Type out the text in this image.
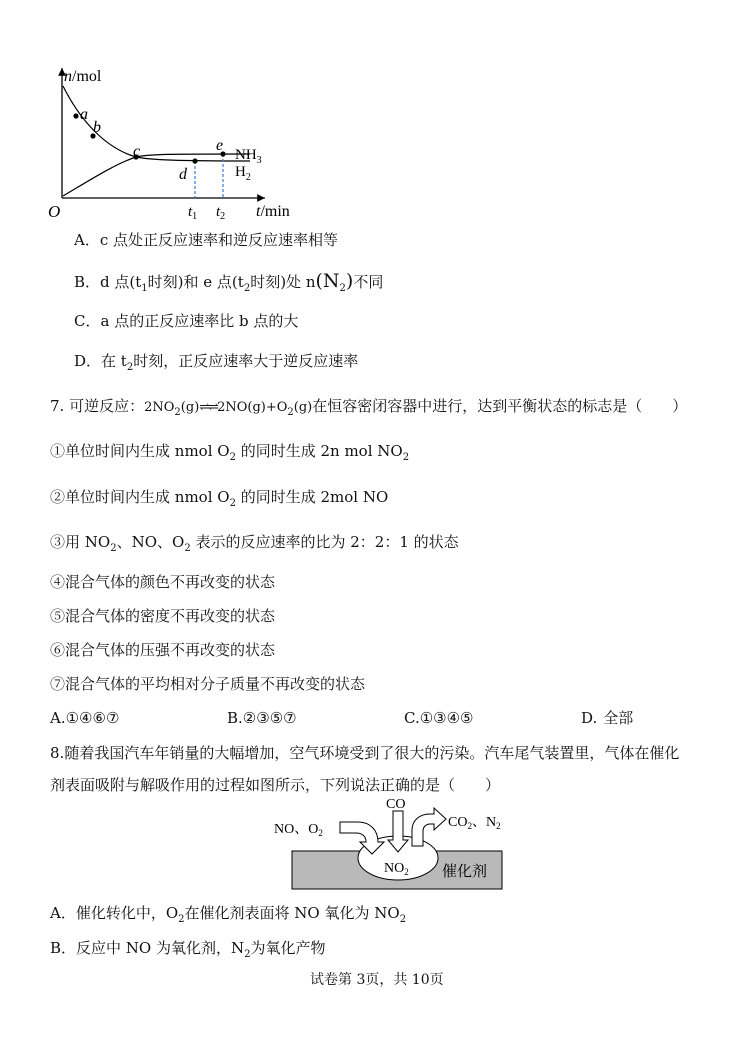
n/mol
a
b
c
d
e
$NH_3$
$H_2$
O	$t_1$ $t_2$ t/min
A．c 点处正反应速率和逆反应速率相等
B．d 点($t_1$时刻)和 e 点($t_2$时刻)处 $n(N_2)$不同
C．a 点的正反应速率比 b 点的大
D．在 $t_2$时刻，正反应速率大于逆反应速率
7. 可逆反应：$2NO_2(g)\rightleftharpoons\rightleftharpoons 2NO(g)+O_2(g)$在恒容密闭容器中进行，达到平衡状态的标志是（　　）
①单位时间内生成 nmol $O_2$ 的同时生成 2n mol $NO_2$
②单位时间内生成 nmol $O_2$ 的同时生成 2mol NO
③用 $NO_2$、NO、$O_2$ 表示的反应速率的比为 2：2：1 的状态
④混合气体的颜色不再改变的状态
⑤混合气体的密度不再改变的状态
⑥混合气体的压强不再改变的状态
⑦混合气体的平均相对分子质量不再改变的状态
A.①④⑥⑦	B.②③⑤⑦	C.①③④⑤	D. 全部
8.随着我国汽车年销量的大幅增加，空气环境受到了很大的污染。汽车尾气装置里，气体在催化
剂表面吸附与解吸作用的过程如图所示，下列说法正确的是（　　）
NO、$O_2$
CO
$CO_2$、$N_2$
$NO_2$ 催化剂
A．催化转化中，$O_2$在催化剂表面将 NO 氧化为 $NO_2$
B．反应中 NO 为氧化剂，$N_2$为氧化产物
试卷第 3页，共 10页
